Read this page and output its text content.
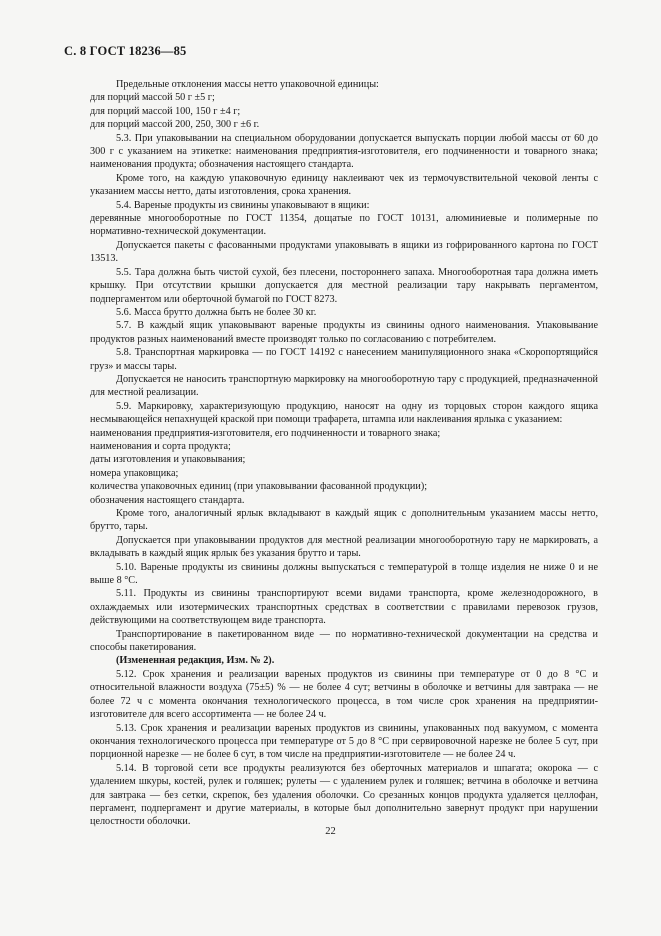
С. 8 ГОСТ 18236—85

Предельные отклонения массы нетто упаковочной единицы:

для порций массой 50 г ±5 г;

для порций массой 100, 150 г ±4 г;

для порций массой 200, 250, 300 г ±6 г.

5.3. При упаковывании на специальном оборудовании допускается выпускать порции любой массы от 60 до 300 г с указанием на этикетке: наименования предприятия-изготовителя, его подчиненности и товарного знака; наименования продукта; обозначения настоящего стандарта.

Кроме того, на каждую упаковочную единицу наклеивают чек из термочувствительной чековой ленты с указанием массы нетто, даты изготовления, срока хранения.

5.4. Вареные продукты из свинины упаковывают в ящики:

деревянные многооборотные по ГОСТ 11354, дощатые по ГОСТ 10131, алюминиевые и полимерные по нормативно-технической документации.

Допускается пакеты с фасованными продуктами упаковывать в ящики из гофрированного картона по ГОСТ 13513.

5.5. Тара должна быть чистой сухой, без плесени, постороннего запаха. Многооборотная тара должна иметь крышку. При отсутствии крышки допускается для местной реализации тару накрывать пергаментом, подпергаментом или оберточной бумагой по ГОСТ 8273.

5.6. Масса брутто должна быть не более 30 кг.

5.7. В каждый ящик упаковывают вареные продукты из свинины одного наименования. Упаковывание продуктов разных наименований вместе производят только по согласованию с потребителем.

5.8. Транспортная маркировка — по ГОСТ 14192 с нанесением манипуляционного знака «Скоропортящийся груз» и массы тары.

Допускается не наносить транспортную маркировку на многооборотную тару с продукцией, предназначенной для местной реализации.

5.9. Маркировку, характеризующую продукцию, наносят на одну из торцовых сторон каждого ящика несмывающейся непахнущей краской при помощи трафарета, штампа или наклеивания ярлыка с указанием:

наименования предприятия-изготовителя, его подчиненности и товарного знака;

наименования и сорта продукта;

даты изготовления и упаковывания;

номера упаковщика;

количества упаковочных единиц (при упаковывании фасованной продукции);

обозначения настоящего стандарта.

Кроме того, аналогичный ярлык вкладывают в каждый ящик с дополнительным указанием массы нетто, брутто, тары.

Допускается при упаковывании продуктов для местной реализации многооборотную тару не маркировать, а вкладывать в каждый ящик ярлык без указания брутто и тары.

5.10. Вареные продукты из свинины должны выпускаться с температурой в толще изделия не ниже 0 и не выше 8 °С.

5.11. Продукты из свинины транспортируют всеми видами транспорта, кроме железнодорожного, в охлаждаемых или изотермических транспортных средствах в соответствии с правилами перевозок грузов, действующими на соответствующем виде транспорта.

Транспортирование в пакетированном виде — по нормативно-технической документации на средства и способы пакетирования.

(Измененная редакция, Изм. № 2).

5.12. Срок хранения и реализации вареных продуктов из свинины при температуре от 0 до 8 °С и относительной влажности воздуха (75±5) % — не более 4 сут; ветчины в оболочке и ветчины для завтрака — не более 72 ч с момента окончания технологического процесса, в том числе срок хранения на предприятии-изготовителе для всего ассортимента — не более 24 ч.

5.13. Срок хранения и реализации вареных продуктов из свинины, упакованных под вакуумом, с момента окончания технологического процесса при температуре от 5 до 8 °С при сервировочной нарезке не более 5 сут, при порционной нарезке — не более 6 сут, в том числе на предприятии-изготовителе — не более 24 ч.

5.14. В торговой сети все продукты реализуются без оберточных материалов и шпагата; окорока — с удалением шкуры, костей, рулек и голяшек; рулеты — с удалением рулек и голяшек; ветчина в оболочке и ветчина для завтрака — без сетки, скрепок, без удаления оболочки. Со срезанных концов продукта удаляется целлофан, пергамент, подпергамент и другие материалы, в которые был дополнительно завернут продукт при нарушении целостности оболочки.

22
